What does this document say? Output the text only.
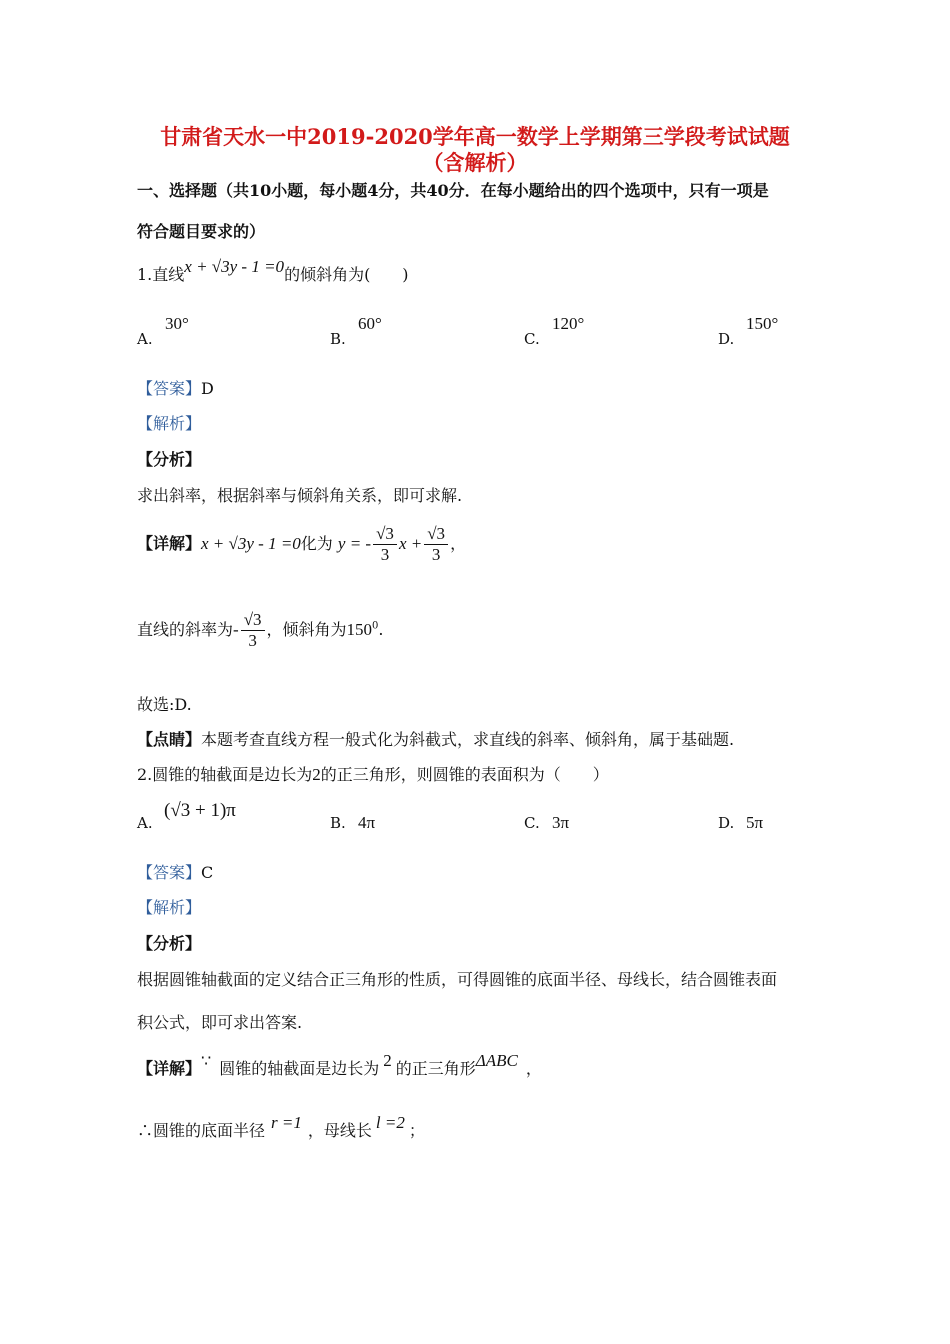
甘肃省天水一中2019-2020学年高一数学上学期第三学段考试试题
（含解析）
一、选择题（共10小题，每小题4分，共40分．在每小题给出的四个选项中，只有一项是
符合题目要求的）
1.直线x + √3y - 1 =0的倾斜角为(　　)
A.
30°
B.
60°
C.
120°
D.
150°
【答案】D
【解析】
【分析】
求出斜率，根据斜率与倾斜角关系，即可求解.
【详解】x + √3y - 1 =0化为 y = - $\frac{√3}{3}$ $x + \frac{√3}{3}$ ，
直线的斜率为- $\frac{√3}{3}$ ，倾斜角为$150^0$.
故选:D.
【点睛】本题考查直线方程一般式化为斜截式，求直线的斜率、倾斜角，属于基础题.
2.圆锥的轴截面是边长为2的正三角形，则圆锥的表面积为（　　）
A.
(√3 + 1)π
B. 4π	C. 3π	D. 5π
【答案】C
【解析】
【分析】
根据圆锥轴截面的定义结合正三角形的性质，可得圆锥的底面半径、母线长，结合圆锥表面
积公式，即可求出答案.
【详解】∵ 圆锥的轴截面是边长为 2 的正三角形ΔABC ，
∴圆锥的底面半径 r =1 ，母线长 l =2 ；
